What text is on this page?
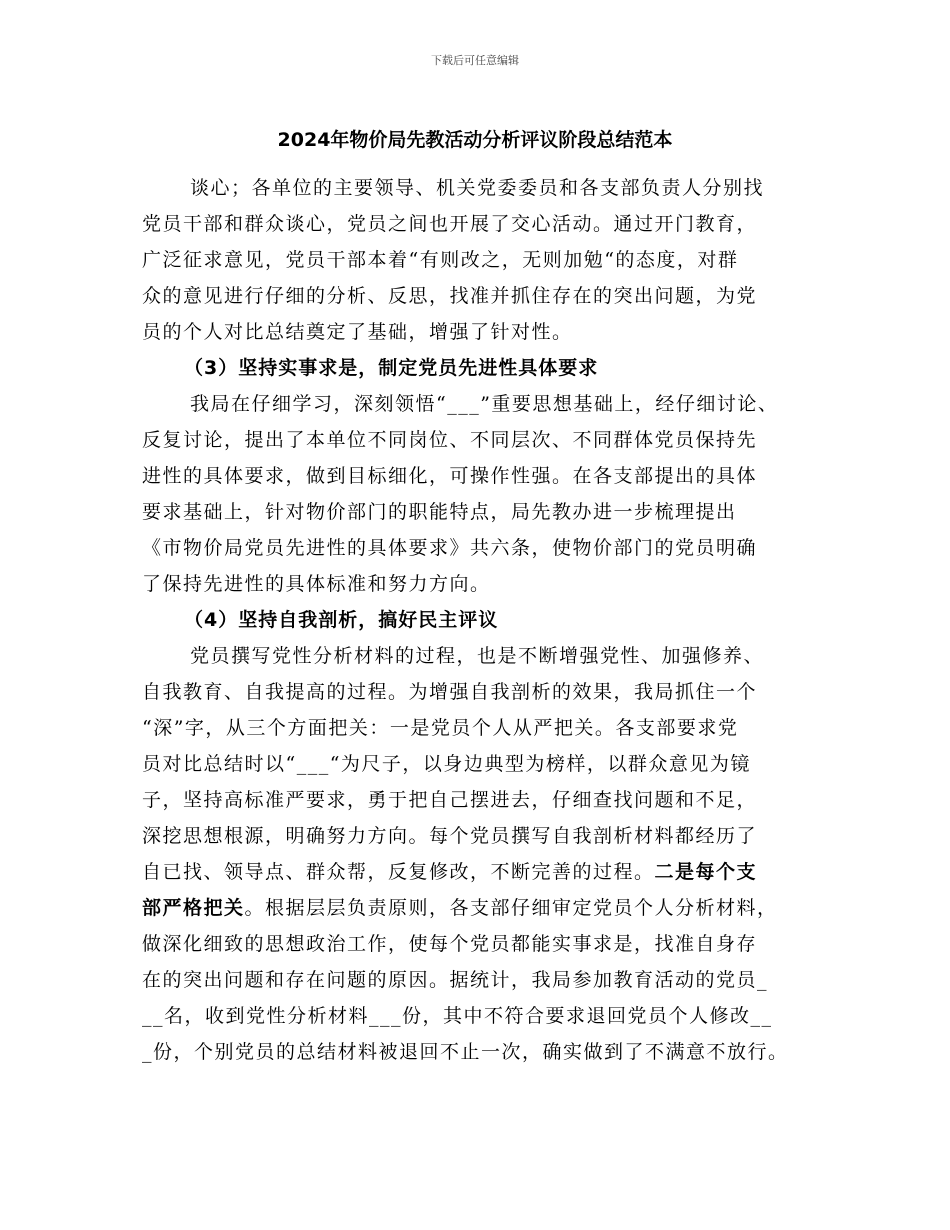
下载后可任意编辑
2024年物价局先教活动分析评议阶段总结范本
谈心；各单位的主要领导、机关党委委员和各支部负责人分别找
党员干部和群众谈心，党员之间也开展了交心活动。通过开门教育，
广泛征求意见，党员干部本着“有则改之，无则加勉“的态度，对群
众的意见进行仔细的分析、反思，找准并抓住存在的突出问题，为党
员的个人对比总结奠定了基础，增强了针对性。
（3）坚持实事求是，制定党员先进性具体要求
我局在仔细学习，深刻领悟“___”重要思想基础上，经仔细讨论、
反复讨论，提出了本单位不同岗位、不同层次、不同群体党员保持先
进性的具体要求，做到目标细化，可操作性强。在各支部提出的具体
要求基础上，针对物价部门的职能特点，局先教办进一步梳理提出
《市物价局党员先进性的具体要求》共六条，使物价部门的党员明确
了保持先进性的具体标准和努力方向。
（4）坚持自我剖析，搞好民主评议
党员撰写党性分析材料的过程，也是不断增强党性、加强修养、
自我教育、自我提高的过程。为增强自我剖析的效果，我局抓住一个
“深”字，从三个方面把关：一是党员个人从严把关。各支部要求党
员对比总结时以“___“为尺子，以身边典型为榜样，以群众意见为镜
子，坚持高标准严要求，勇于把自己摆进去，仔细查找问题和不足，
深挖思想根源，明确努力方向。每个党员撰写自我剖析材料都经历了
自已找、领导点、群众帮，反复修改，不断完善的过程。二是每个支
部严格把关。根据层层负责原则，各支部仔细审定党员个人分析材料，
做深化细致的思想政治工作，使每个党员都能实事求是，找准自身存
在的突出问题和存在问题的原因。据统计，我局参加教育活动的党员_
__名，收到党性分析材料___份，其中不符合要求退回党员个人修改__
_份，个别党员的总结材料被退回不止一次，确实做到了不满意不放行。
